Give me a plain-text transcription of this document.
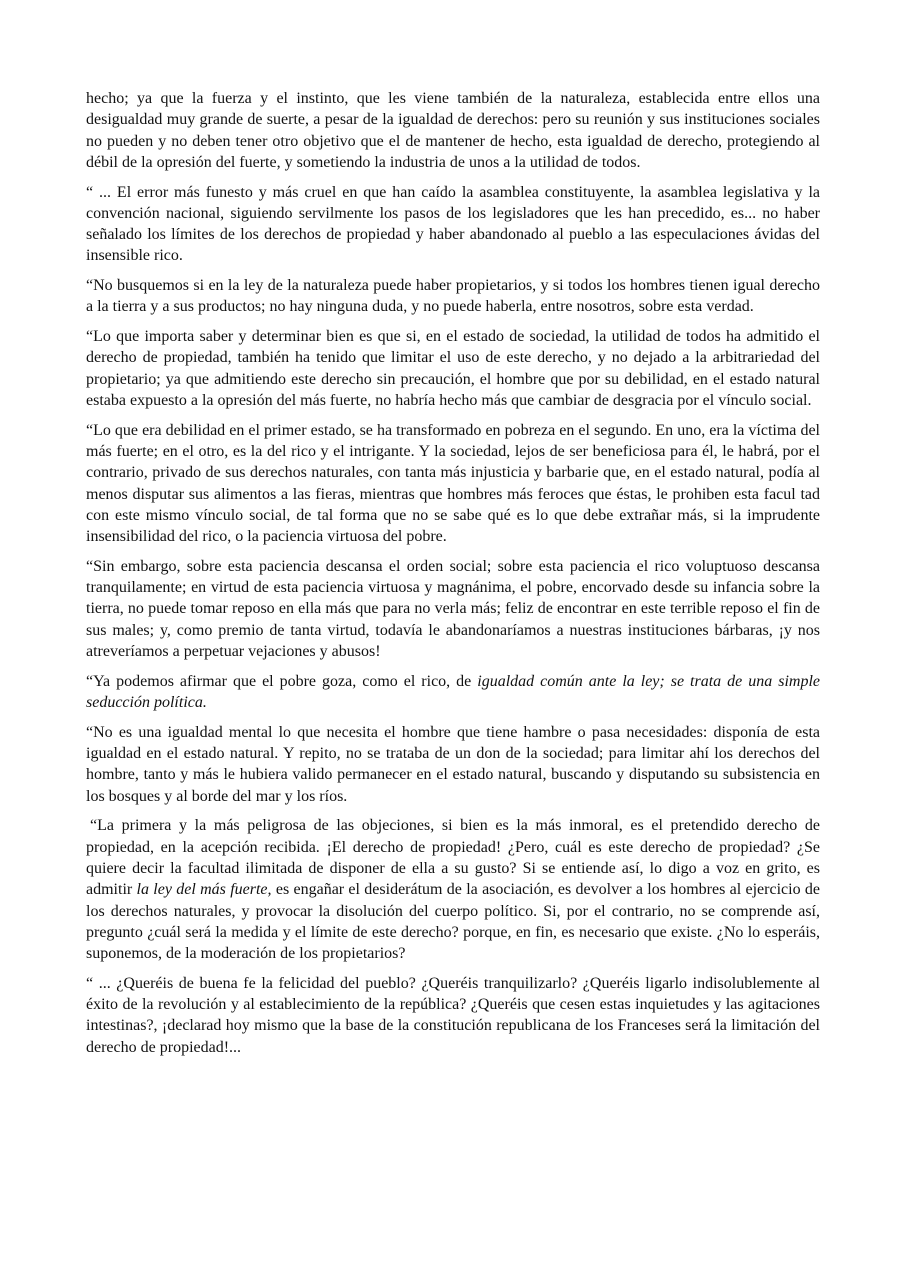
hecho; ya que la fuerza y el instinto, que les viene también de la naturaleza, establecida entre ellos una desigualdad muy grande de suerte, a pesar de la igualdad de derechos: pero su reunión y sus instituciones sociales no pueden y no deben tener otro objetivo que el de mantener de hecho, esta igualdad de derecho, protegiendo al débil de la opresión del fuerte, y sometiendo la industria de unos a la utilidad de todos.

“ ... El error más funesto y más cruel en que han caído la asamblea constituyente, la asamblea legislativa y la convención nacional, siguiendo servilmente los pasos de los legisladores que les han precedido, es... no haber señalado los límites de los derechos de propiedad y haber abandonado al pueblo a las especulaciones ávidas del insensible rico.

“No busquemos si en la ley de la naturaleza puede haber propietarios, y si todos los hombres tienen igual derecho a la tierra y a sus productos; no hay ninguna duda, y no puede haberla, entre nosotros, sobre esta verdad.

“Lo que importa saber y determinar bien es que si, en el estado de sociedad, la utilidad de todos ha admitido el derecho de propiedad, también ha tenido que limitar el uso de este derecho, y no dejado a la arbitrariedad del propietario; ya que admitiendo este derecho sin precaución, el hombre que por su debilidad, en el estado natural estaba expuesto a la opresión del más fuerte, no habría hecho más que cambiar de desgracia por el vínculo social.

“Lo que era debilidad en el primer estado, se ha transformado en pobreza en el segundo. En uno, era la víctima del más fuerte; en el otro, es la del rico y el intrigante. Y la sociedad, lejos de ser beneficiosa para él, le habrá, por el contrario, privado de sus derechos naturales, con tanta más injusticia y barbarie que, en el estado natural, podía al menos disputar sus alimentos a las fieras, mientras que hombres más feroces que éstas, le prohiben esta facul tad con este mismo vínculo social, de tal forma que no se sabe qué es lo que debe extrañar más, si la imprudente insensibilidad del rico, o la paciencia virtuosa del pobre.

“Sin embargo, sobre esta paciencia descansa el orden social; sobre esta paciencia el rico voluptuoso descansa tranquilamente; en virtud de esta paciencia virtuosa y magnánima, el pobre, encorvado desde su infancia sobre la tierra, no puede tomar reposo en ella más que para no verla más; feliz de encontrar en este terrible reposo el fin de sus males; y, como premio de tanta virtud, todavía le abandonaríamos a nuestras instituciones bárbaras, ¡y nos atreveríamos a perpetuar vejaciones y abusos!

“Ya podemos afirmar que el pobre goza, como el rico, de igualdad común ante la ley; se trata de una simple seducción política.

“No es una igualdad mental lo que necesita el hombre que tiene hambre o pasa necesidades: disponía de esta igualdad en el estado natural. Y repito, no se trataba de un don de la sociedad; para limitar ahí los derechos del hombre, tanto y más le hubiera valido permanecer en el estado natural, buscando y disputando su subsistencia en los bosques y al borde del mar y los ríos.

“La primera y la más peligrosa de las objeciones, si bien es la más inmoral, es el pretendido derecho de propiedad, en la acepción recibida. ¡El derecho de propiedad! ¿Pero, cuál es este derecho de propiedad? ¿Se quiere decir la facultad ilimitada de disponer de ella a su gusto? Si se entiende así, lo digo a voz en grito, es admitir la ley del más fuerte, es engañar el desiderátum de la asociación, es devolver a los hombres al ejercicio de los derechos naturales, y provocar la disolución del cuerpo político. Si, por el contrario, no se comprende así, pregunto ¿cuál será la medida y el límite de este derecho? porque, en fin, es necesario que existe. ¿No lo esperáis, suponemos, de la moderación de los propietarios?

“ ... ¿Queréis de buena fe la felicidad del pueblo? ¿Queréis tranquilizarlo? ¿Queréis ligarlo indisolublemente al éxito de la revolución y al establecimiento de la república? ¿Queréis que cesen estas inquietudes y las agitaciones intestinas?, ¡declarad hoy mismo que la base de la constitución republicana de los Franceses será la limitación del derecho de propiedad!...
